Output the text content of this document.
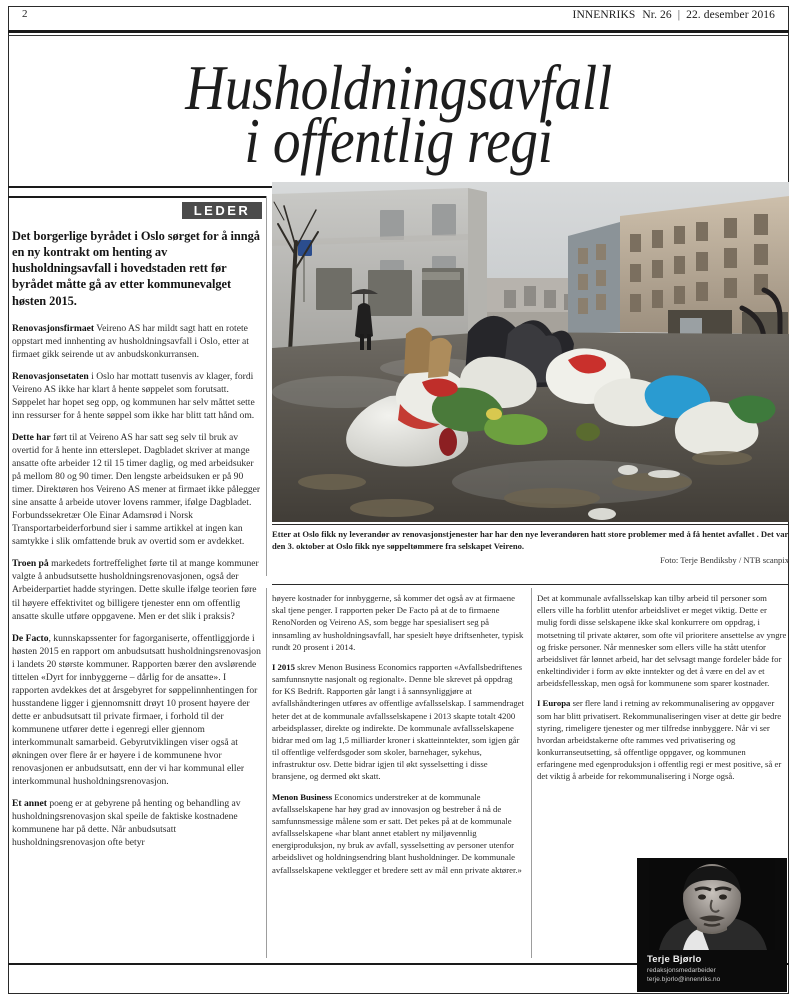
2	INNENRIKS Nr. 26 | 22. desember 2016
Husholdningsavfall
i offentlig regi
LEDER

Det borgerlige byrådet i Oslo sørget for å inngå en ny kontrakt om henting av husholdningsavfall i hovedstaden rett før byrådet måtte gå av etter kommunevalget høsten 2015.

Renovasjonsfirmaet Veireno AS har mildt sagt hatt en rotete oppstart med innhenting av husholdningsavfall i Oslo, etter at firmaet gikk seirende ut av anbudskonkurransen.

Renovasjonsetaten i Oslo har mottatt tusenvis av klager, fordi Veireno AS ikke har klart å hente søppelet som forutsatt. Søppelet har hopet seg opp, og kommunen har selv måttet sette inn ressurser for å hente søppel som ikke har blitt tatt hånd om.

Dette har ført til at Veireno AS har satt seg selv til bruk av overtid for å hente inn etterslepet. Dagbladet skriver at mange ansatte ofte arbeider 12 til 15 timer daglig, og med arbeidsuker på mellom 80 og 90 timer. Den lengste arbeidsuken er på 90 timer. Direktøren hos Veireno AS mener at firmaet ikke pålegger sine ansatte å arbeide utover lovens rammer, ifølge Dagbladet. Forbundssekretær Ole Einar Adamsrød i Norsk Transportarbeiderforbund sier i samme artikkel at ingen kan samtykke i slik omfattende bruk av overtid som er avdekket.

Troen på markedets fortreffelighet førte til at mange kommuner valgte å anbudsutsette husholdningsrenovasjonen, også der Arbeiderpartiet hadde styringen. Dette skulle ifølge teorien føre til høyere effektivitet og billigere tjenester enn om offentlig ansatte skulle utføre oppgavene. Men er det slik i praksis?

De Facto, kunnskapssenter for fagorganiserte, offentliggjorde i høsten 2015 en rapport om anbudsutsatt husholdningsrenovasjon i landets 20 største kommuner. Rapporten bærer den avslørende tittelen «Dyrt for innbyggerne – dårlig for de ansatte». I rapporten avdekkes det at årsgebyret for søppelinnhentingen for husstandene ligger i gjennomsnitt drøyt 10 prosent høyere der dette er anbudsutsatt til private firmaer, i forhold til der kommunene utfører dette i egenregi eller gjennom interkommunalt samarbeid. Gebyrutviklingen viser også at økningen over flere år er høyere i de kommunene hvor renovasjonen er anbudsutsatt, enn der vi har kommunal eller interkommunal husholdningsrenovasjon.

Et annet poeng er at gebyrene på henting og behandling av husholdningsrenovasjon skal speile de faktiske kostnadene kommunene har på dette. Når anbudsutsatt husholdningsrenovasjon ofte betyr

Etter at Oslo fikk ny leverandør av renovasjonstjenester har har den nye leverandøren hatt store problemer med å få hentet avfallet . Det var den 3. oktober at Oslo fikk nye søppeltømmere fra selskapet Veireno.
Foto: Terje Bendiksby / NTB scanpix

høyere kostnader for innbyggerne, så kommer det også av at firmaene skal tjene penger. I rapporten peker De Facto på at de to firmaene RenoNorden og Veireno AS, som begge har spesialisert seg på innsamling av husholdningsavfall, har spesielt høye driftsenheter, typisk rundt 20 prosent i 2014.

I 2015 skrev Menon Business Economics rapporten «Avfallsbedriftenes samfunnsnytte nasjonalt og regionalt». Denne ble skrevet på oppdrag for KS Bedrift. Rapporten går langt i å sannsynliggjøre at avfallshåndteringen utføres av offentlige avfallsselskap. I sammendraget heter det at de kommunale avfallsselskapene i 2013 skapte totalt 4200 arbeidsplasser, direkte og indirekte. De kommunale avfallsselskapene bidrar med om lag 1,5 milliarder kroner i skatteinntekter, som igjen går til offentlige velferdsgoder som skoler, barnehager, sykehus, infrastruktur osv. Dette bidrar igjen til økt sysselsetting i disse bransjene, og dermed økt skatt.

Menon Business Economics understreker at de kommunale avfallsselskapene har høy grad av innovasjon og bestreber å nå de samfunnsmessige målene som er satt. Det pekes på at de kommunale avfallsselskapene «har blant annet etablert ny miljøvennlig energiproduksjon, ny bruk av avfall, sysselsetting av personer utenfor arbeidslivet og holdningsendring blant husholdninger. De kommunale avfallsselskapene vektlegger et bredere sett av mål enn private aktører.»

Det at kommunale avfallsselskap kan tilby arbeid til personer som ellers ville ha forblitt utenfor arbeidslivet er meget viktig. Dette er mulig fordi disse selskapene ikke skal konkurrere om oppdrag, i motsetning til private aktører, som ofte vil prioritere ansettelse av yngre og friske personer. Når mennesker som ellers ville ha stått utenfor arbeidslivet får lønnet arbeid, har det selvsagt mange fordeler både for enkeltindivider i form av økte inntekter og det å være en del av et arbeidsfellesskap, men også for kommunene som sparer kostnader.

I Europa ser flere land i retning av rekommunalisering av oppgaver som har blitt privatisert. Rekommunaliseringen viser at dette gir bedre styring, rimeligere tjenester og mer tilfredse innbyggere. Når vi ser hvordan arbeidstakerne ofte rammes ved privatisering og konkurranseutsetting, så offentlige oppgaver, og kommunen erfaringene med egenproduksjon i offentlig regi er mest positive, så er det viktig å arbeide for rekommunalisering i Norge også.

Terje Bjørlo
redaksjonsmedarbeider
terje.bjorlo@innenriks.no
